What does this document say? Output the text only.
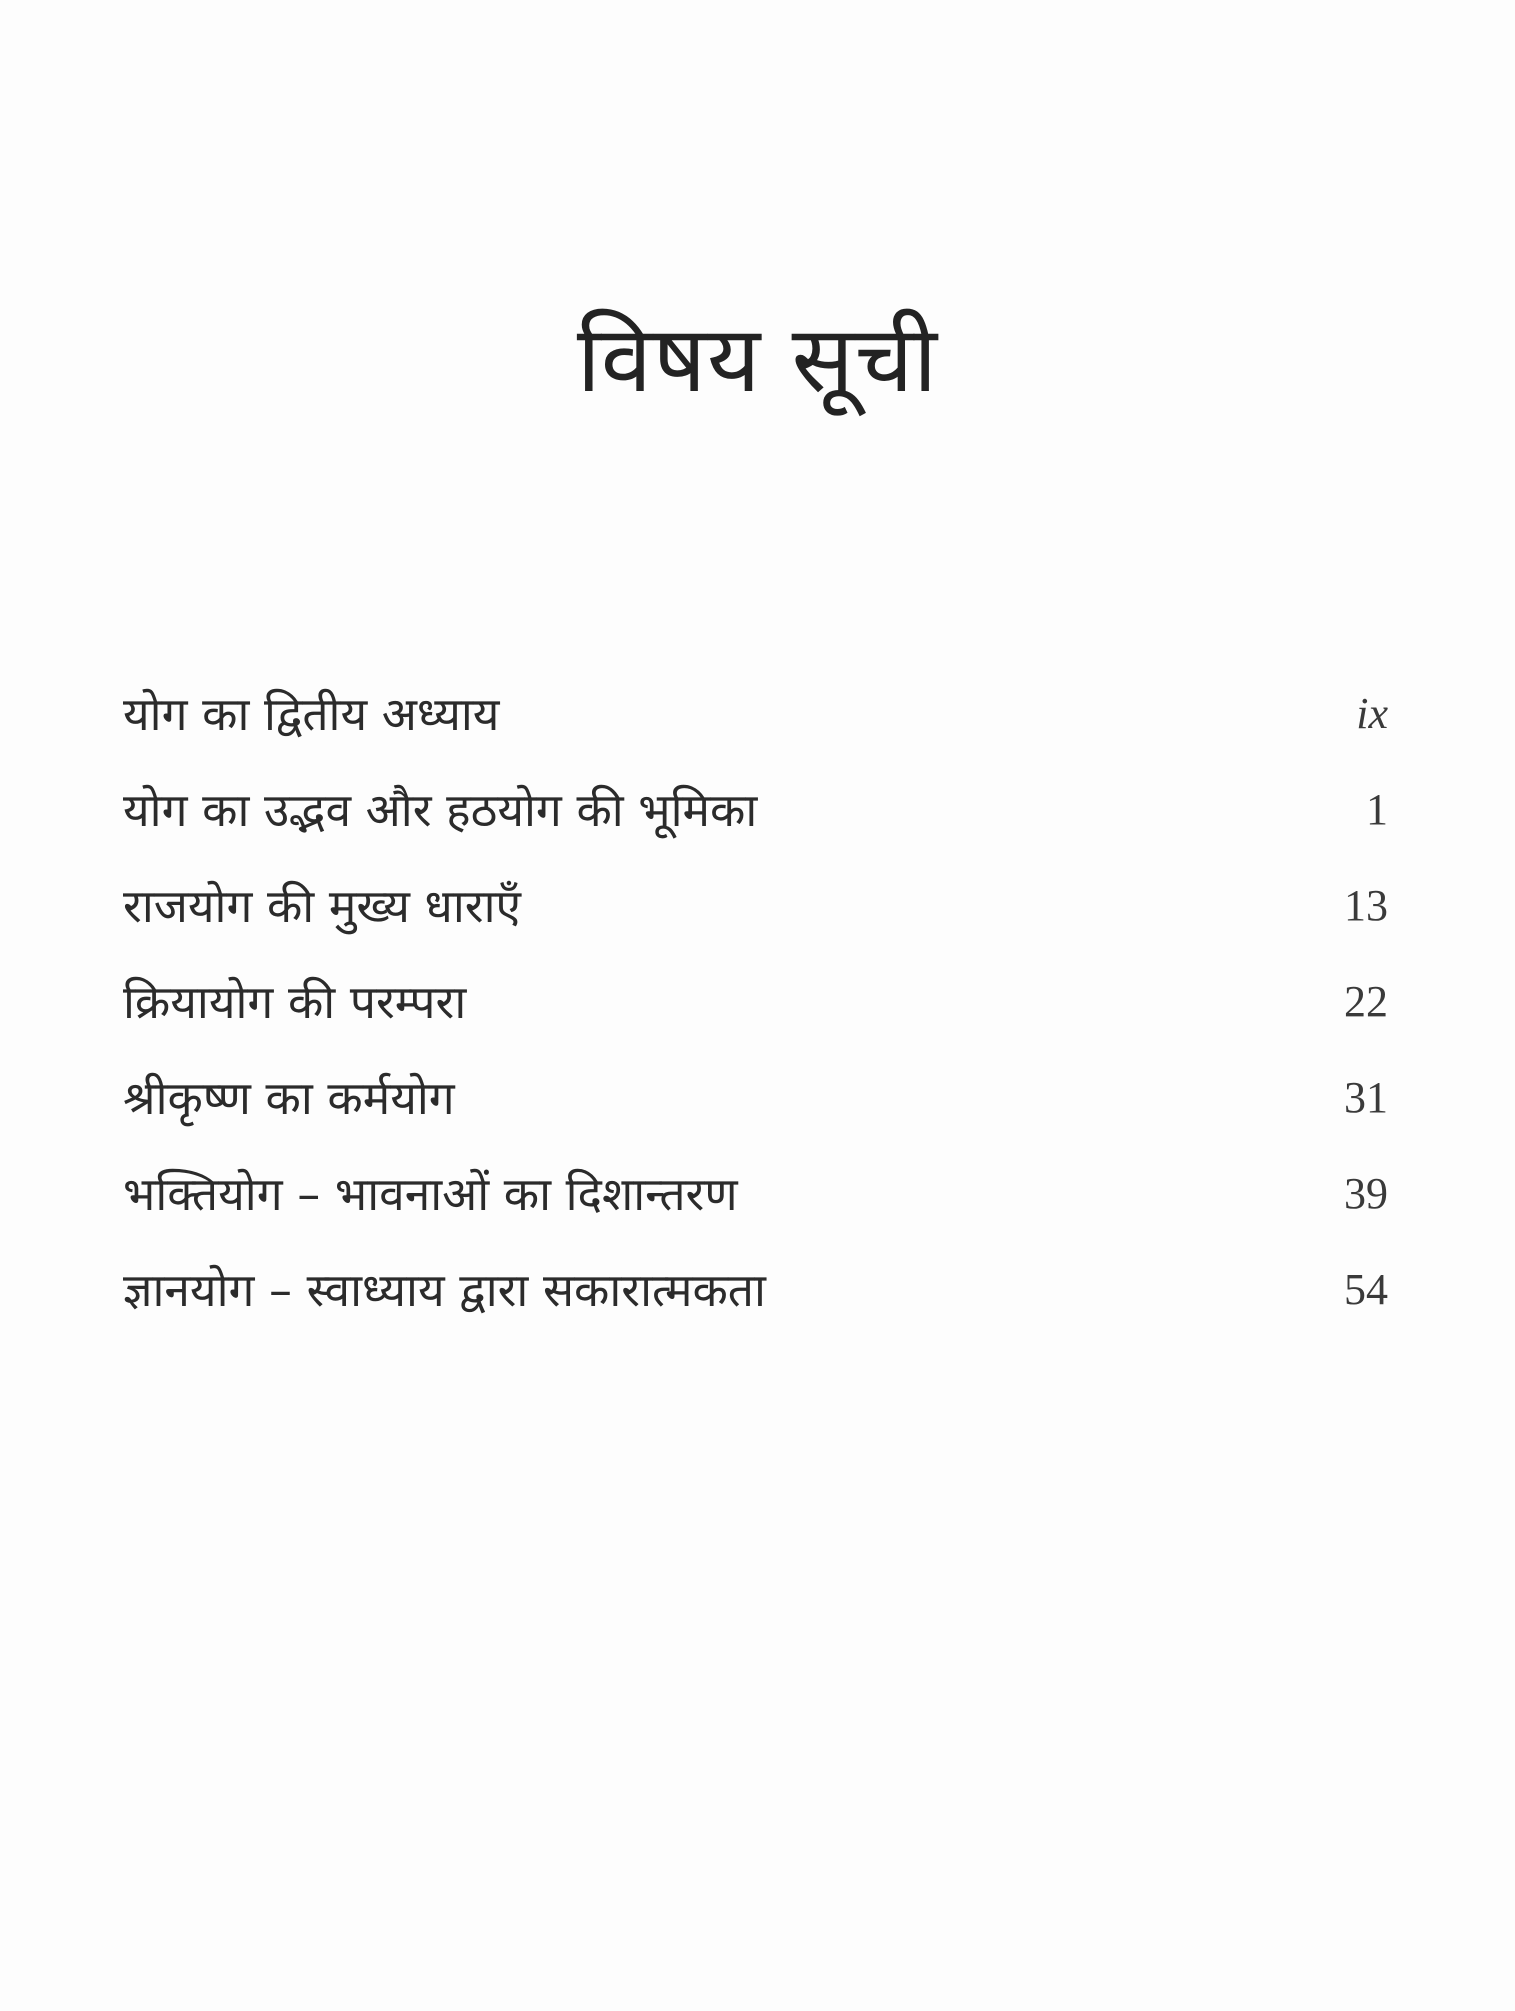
विषय सूची
योग का द्वितीय अध्याय	ix
योग का उद्भव और हठयोग की भूमिका	1
राजयोग की मुख्य धाराएँ	13
क्रियायोग की परम्परा	22
श्रीकृष्ण का कर्मयोग	31
भक्तियोग – भावनाओं का दिशान्तरण	39
ज्ञानयोग – स्वाध्याय द्वारा सकारात्मकता	54
